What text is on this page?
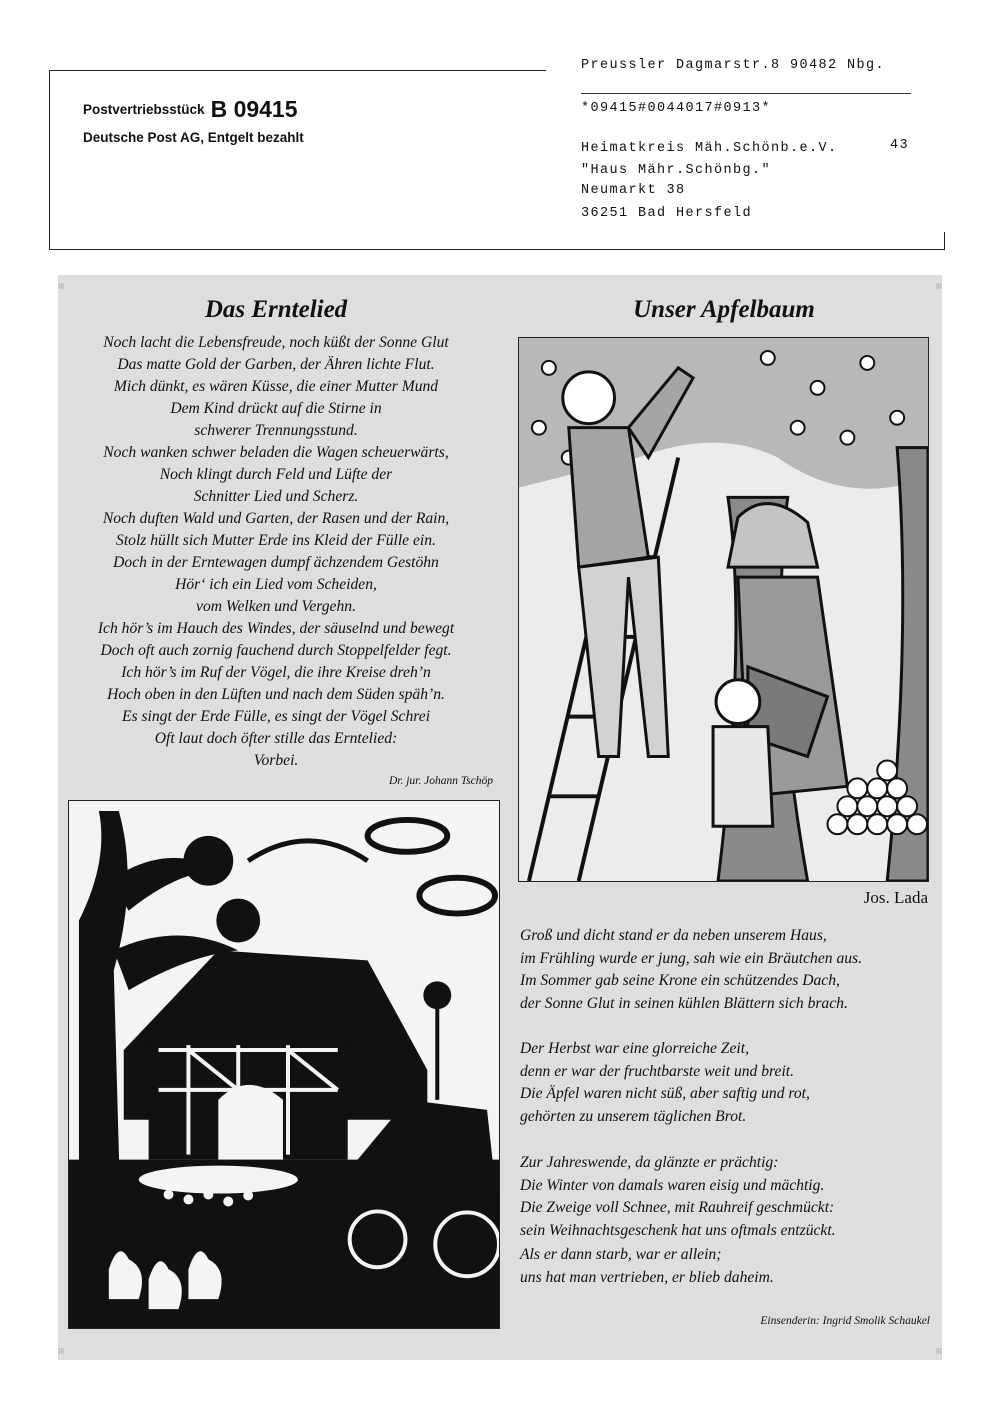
Postvertriebsstück B 09415
Deutsche Post AG, Entgelt bezahlt
Preussler Dagmarstr.8 90482 Nbg.
*09415#0044017#0913*
Heimatkreis Mäh.Schönb.e.V.	43
"Haus Mähr.Schönbg."
Neumarkt 38
36251 Bad Hersfeld
Das Erntelied
Noch lacht die Lebensfreude, noch küßt der Sonne Glut
Das matte Gold der Garben, der Ähren lichte Flut.
Mich dünkt, es wären Küsse, die einer Mutter Mund
Dem Kind drückt auf die Stirne in
schwerer Trennungsstund.
Noch wanken schwer beladen die Wagen scheuerwärts,
Noch klingt durch Feld und Lüfte der
Schnitter Lied und Scherz.
Noch duften Wald und Garten, der Rasen und der Rain,
Stolz hüllt sich Mutter Erde ins Kleid der Fülle ein.
Doch in der Erntewagen dumpf ächzendem Gestöhn
Hör‘ ich ein Lied vom Scheiden,
vom Welken und Vergehn.
Ich hör’s im Hauch des Windes, der säuselnd und bewegt
Doch oft auch zornig fauchend durch Stoppelfelder fegt.
Ich hör’s im Ruf der Vögel, die ihre Kreise dreh’n
Hoch oben in den Lüften und nach dem Süden späh’n.
Es singt der Erde Fülle, es singt der Vögel Schrei
Oft laut doch öfter stille das Erntelied:
Vorbei.
Dr. jur. Johann Tschöp
Unser Apfelbaum
Jos. Lada
Groß und dicht stand er da neben unserem Haus,
im Frühling wurde er jung, sah wie ein Bräutchen aus.
Im Sommer gab seine Krone ein schützendes Dach,
der Sonne Glut in seinen kühlen Blättern sich brach.
Der Herbst war eine glorreiche Zeit,
denn er war der fruchtbarste weit und breit.
Die Äpfel waren nicht süß, aber saftig und rot,
gehörten zu unserem täglichen Brot.
Zur Jahreswende, da glänzte er prächtig:
Die Winter von damals waren eisig und mächtig.
Die Zweige voll Schnee, mit Rauhreif geschmückt:
sein Weihnachtsgeschenk hat uns oftmals entzückt.
Als er dann starb, war er allein;
uns hat man vertrieben, er blieb daheim.
Einsenderin: Ingrid Smolik Schaukel
